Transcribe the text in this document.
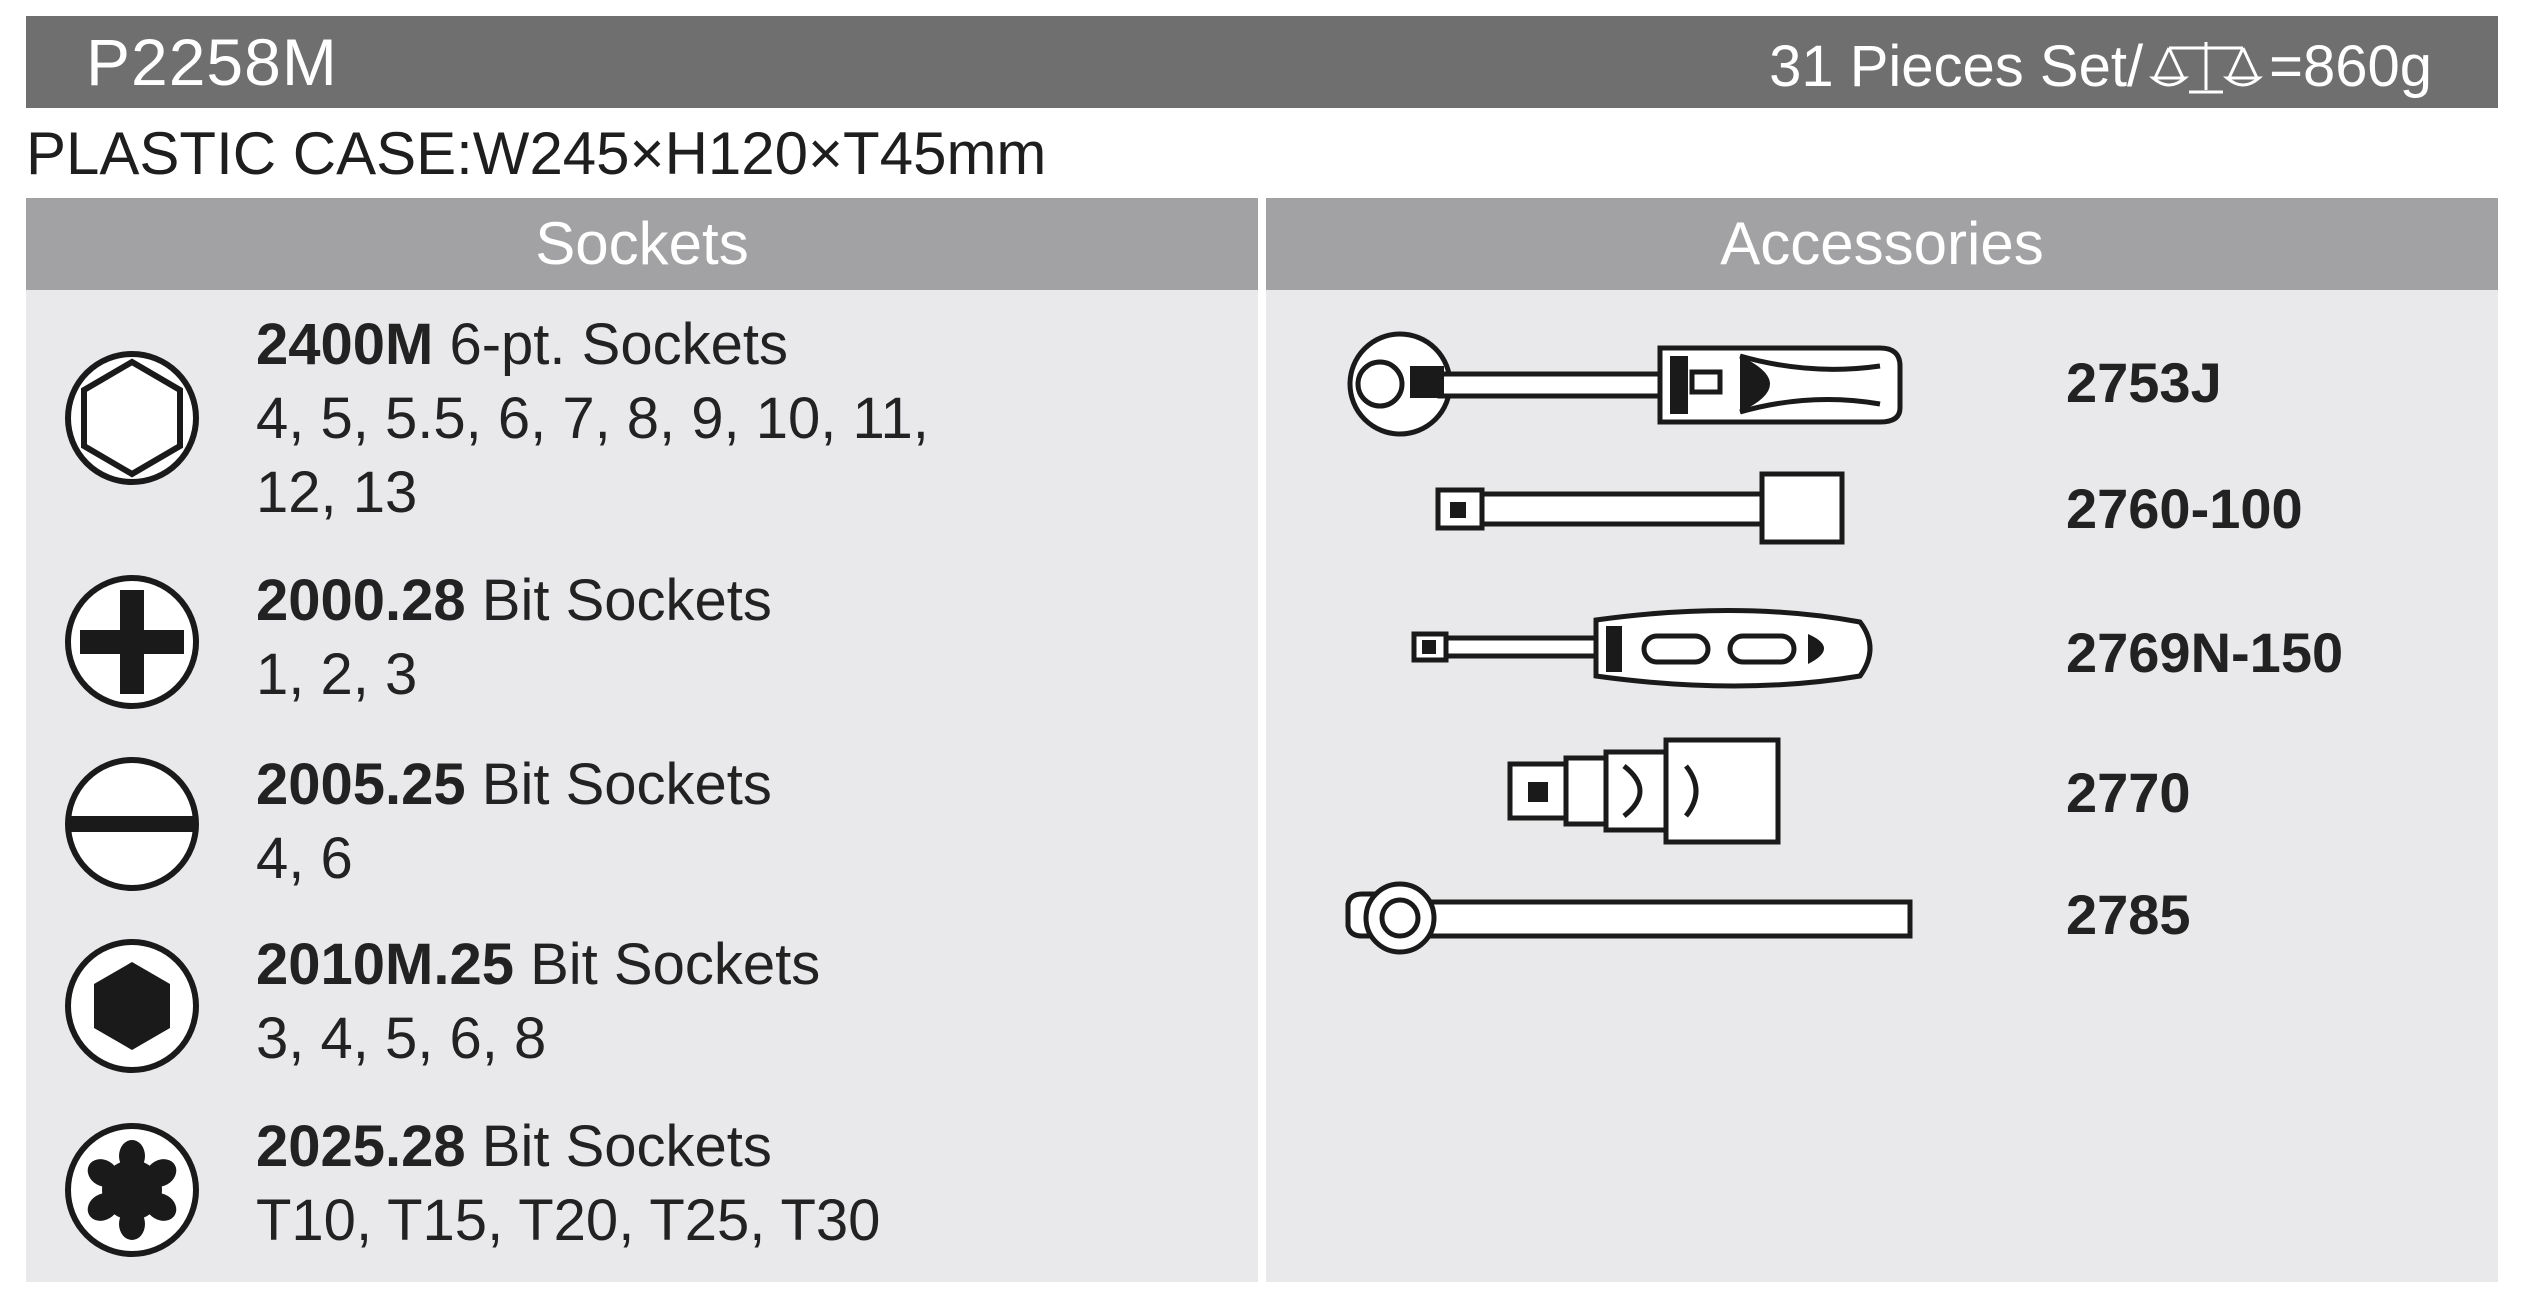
P2258M	31 Pieces Set/ =860g
PLASTIC CASE:W245×H120×T45mm
Sockets
2400M 6-pt. Sockets
4, 5, 5.5, 6, 7, 8, 9, 10, 11,
12, 13
2000.28 Bit Sockets
1, 2, 3
2005.25 Bit Sockets
4, 6
2010M.25 Bit Sockets
3, 4, 5, 6, 8
2025.28 Bit Sockets
T10, T15, T20, T25, T30
Accessories
2753J
2760-100
2769N-150
2770
2785
